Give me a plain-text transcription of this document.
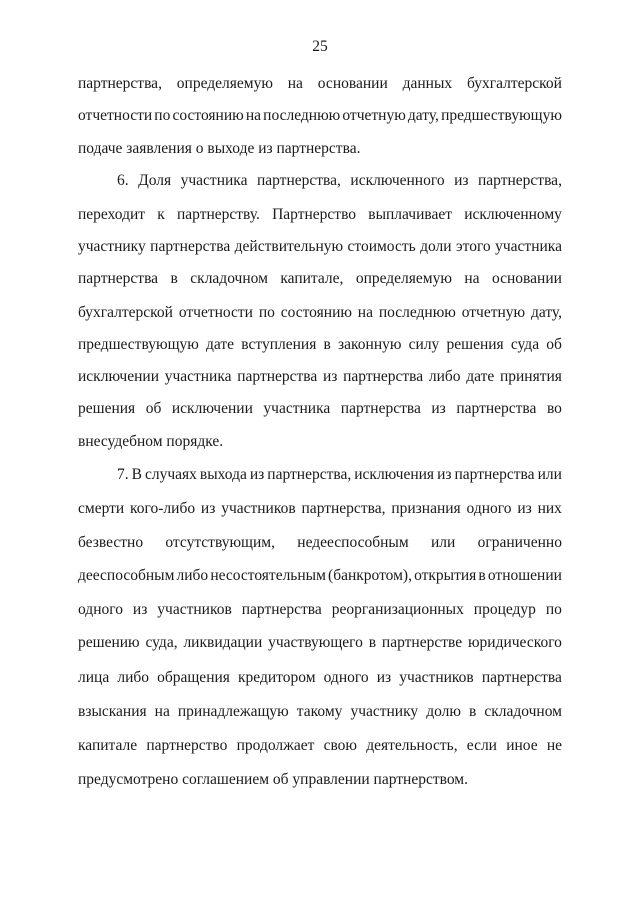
25
партнерства, определяемую на основании данных бухгалтерской
отчетности по состоянию на последнюю отчетную дату, предшествующую
подаче заявления о выходе из партнерства.
6. Доля участника партнерства, исключенного из партнерства,
переходит к партнерству. Партнерство выплачивает исключенному
участнику партнерства действительную стоимость доли этого участника
партнерства в складочном капитале, определяемую на основании
бухгалтерской отчетности по состоянию на последнюю отчетную дату,
предшествующую дате вступления в законную силу решения суда об
исключении участника партнерства из партнерства либо дате принятия
решения об исключении участника партнерства из партнерства во
внесудебном порядке.
7. В случаях выхода из партнерства, исключения из партнерства или
смерти кого-либо из участников партнерства, признания одного из них
безвестно отсутствующим, недееспособным или ограниченно
дееспособным либо несостоятельным (банкротом), открытия в отношении
одного из участников партнерства реорганизационных процедур по
решению суда, ликвидации участвующего в партнерстве юридического
лица либо обращения кредитором одного из участников партнерства
взыскания на принадлежащую такому участнику долю в складочном
капитале партнерство продолжает свою деятельность, если иное не
предусмотрено соглашением об управлении партнерством.
